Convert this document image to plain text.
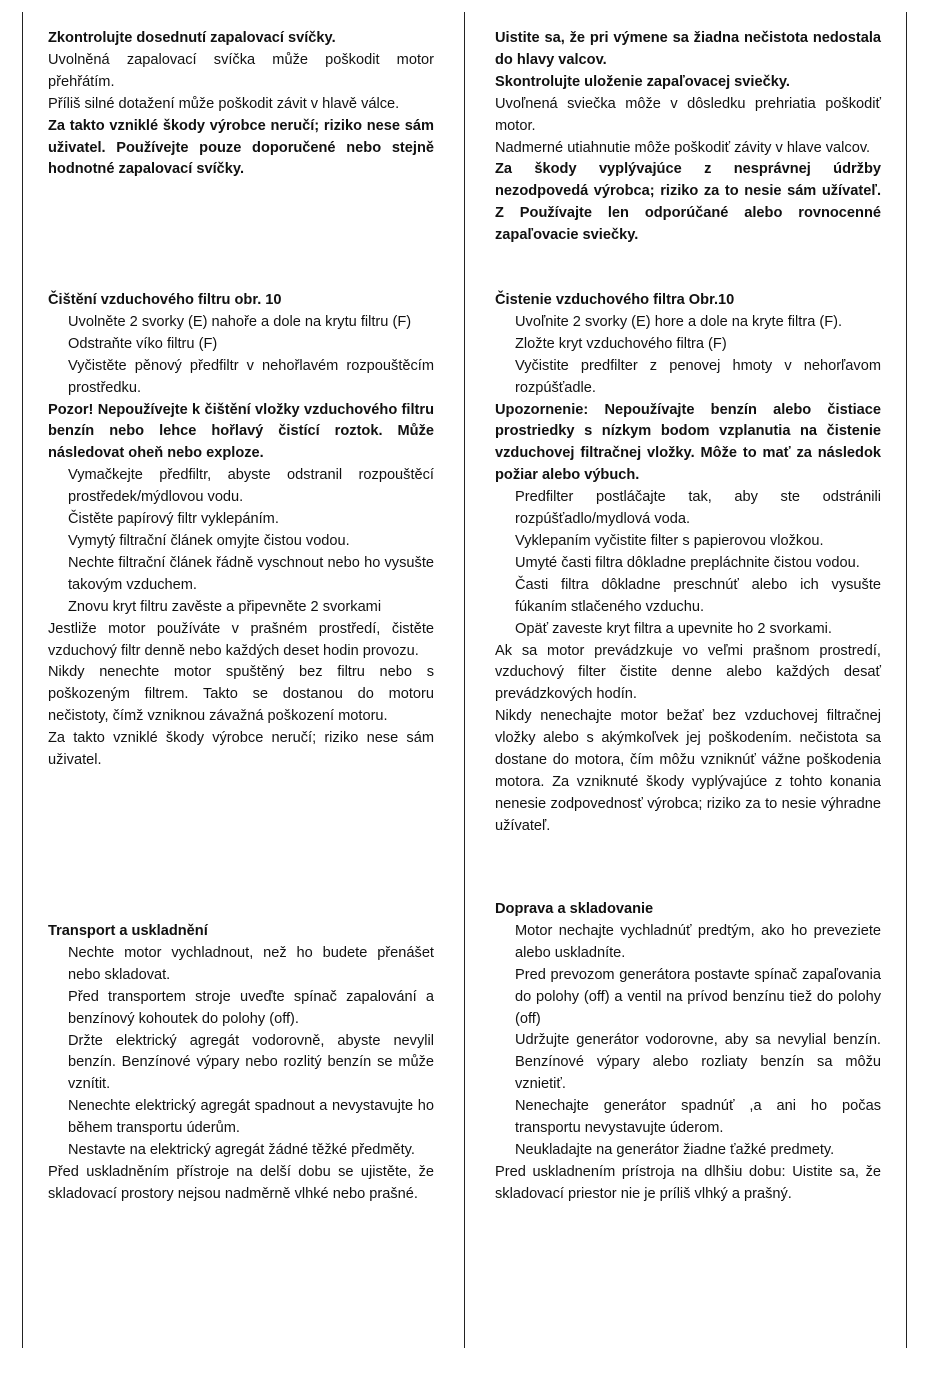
Zkontrolujte dosednutí zapalovací svíčky.

Uvolněná zapalovací svíčka může poškodit motor přehřátím.

Příliš silné dotažení může poškodit závit v hlavě válce.

Za takto vzniklé škody výrobce neručí; riziko nese sám uživatel. Používejte pouze doporučené nebo stejně hodnotné zapalovací svíčky.

Čištění vzduchového filtru obr. 10

Uvolněte 2 svorky (E) nahoře a dole na krytu filtru (F)

Odstraňte víko filtru (F)

Vyčistěte pěnový předfiltr v nehořlavém rozpouštěcím prostředku.

Pozor! Nepoužívejte k čištění vložky vzduchového filtru benzín nebo lehce hořlavý čistící roztok. Může následovat oheň nebo exploze.

Vymačkejte předfiltr, abyste odstranil rozpouštěcí prostředek/mýdlovou vodu.

Čistěte papírový filtr vyklepáním.

Vymytý filtrační článek omyjte čistou vodou.

Nechte filtrační článek řádně vyschnout nebo ho vysušte takovým vzduchem.

Znovu kryt filtru zavěste a připevněte 2 svorkami

Jestliže motor používáte v prašném prostředí, čistěte vzduchový filtr denně nebo každých deset hodin provozu.

Nikdy nenechte motor spuštěný bez filtru nebo s poškozeným filtrem. Takto se dostanou do motoru nečistoty, čímž vzniknou závažná poškození motoru.

Za takto vzniklé škody výrobce neručí; riziko nese sám uživatel.

Transport a uskladnění

Nechte motor vychladnout, než ho budete přenášet nebo skladovat.

Před transportem stroje uveďte spínač zapalování a benzínový kohoutek do polohy (off).

Držte elektrický agregát vodorovně, abyste nevylil benzín. Benzínové výpary nebo rozlitý benzín se může vznítit.

Nenechte elektrický agregát spadnout a nevystavujte ho během transportu úderům.

Nestavte na elektrický agregát žádné těžké předměty.

Před uskladněním přístroje na delší dobu se ujistěte, že skladovací prostory nejsou nadměrně vlhké nebo prašné.

Uistite sa, že pri výmene sa žiadna nečistota nedostala do hlavy valcov.

Skontrolujte uloženie zapaľovacej sviečky.

Uvoľnená sviečka môže v dôsledku prehriatia poškodiť motor.

Nadmerné utiahnutie môže poškodiť závity v hlave valcov.

Za škody vyplývajúce z nesprávnej údržby nezodpovedá výrobca; riziko za to nesie sám užívateľ. Z Používajte len odporúčané alebo rovnocenné zapaľovacie sviečky.

Čistenie vzduchového filtra Obr.10

Uvoľnite 2 svorky (E) hore a dole na kryte filtra (F).

Zložte kryt vzduchového filtra (F)

Vyčistite predfilter z penovej hmoty v nehorľavom rozpúšťadle.

Upozornenie: Nepoužívajte benzín alebo čistiace prostriedky s nízkym bodom vzplanutia na čistenie vzduchovej filtračnej vložky. Môže to mať za následok požiar alebo výbuch.

Predfilter postláčajte tak, aby ste odstránili rozpúšťadlo/mydlová voda.

Vyklepaním vyčistite filter s papierovou vložkou.

Umyté časti filtra dôkladne prepláchnite čistou vodou.

Časti filtra dôkladne preschnúť alebo ich vysušte fúkaním stlačeného vzduchu.

Opäť zaveste kryt filtra a upevnite ho 2 svorkami.

Ak sa motor prevádzkuje vo veľmi prašnom prostredí, vzduchový filter čistite denne alebo každých desať prevádzkových hodín.

Nikdy nenechajte motor bežať bez vzduchovej filtračnej vložky alebo s akýmkoľvek jej poškodením. nečistota sa dostane do motora, čím môžu vzniknúť vážne poškodenia motora. Za vzniknuté škody vyplývajúce z tohto konania nenesie zodpovednosť výrobca; riziko za to nesie výhradne užívateľ.

Doprava a skladovanie

Motor nechajte vychladnúť predtým, ako ho preveziete alebo uskladníte.

Pred prevozom generátora postavte spínač zapaľovania do polohy (off) a ventil na prívod benzínu tiež do polohy (off)

Udržujte generátor vodorovne, aby sa nevylial benzín. Benzínové výpary alebo rozliaty benzín sa môžu vznietiť.

Nenechajte generátor spadnúť ,a ani ho počas transportu nevystavujte úderom.

Neukladajte na generátor žiadne ťažké predmety.

Pred uskladnením prístroja na dlhšiu dobu: Uistite sa, že skladovací priestor nie je príliš vlhký a prašný.
